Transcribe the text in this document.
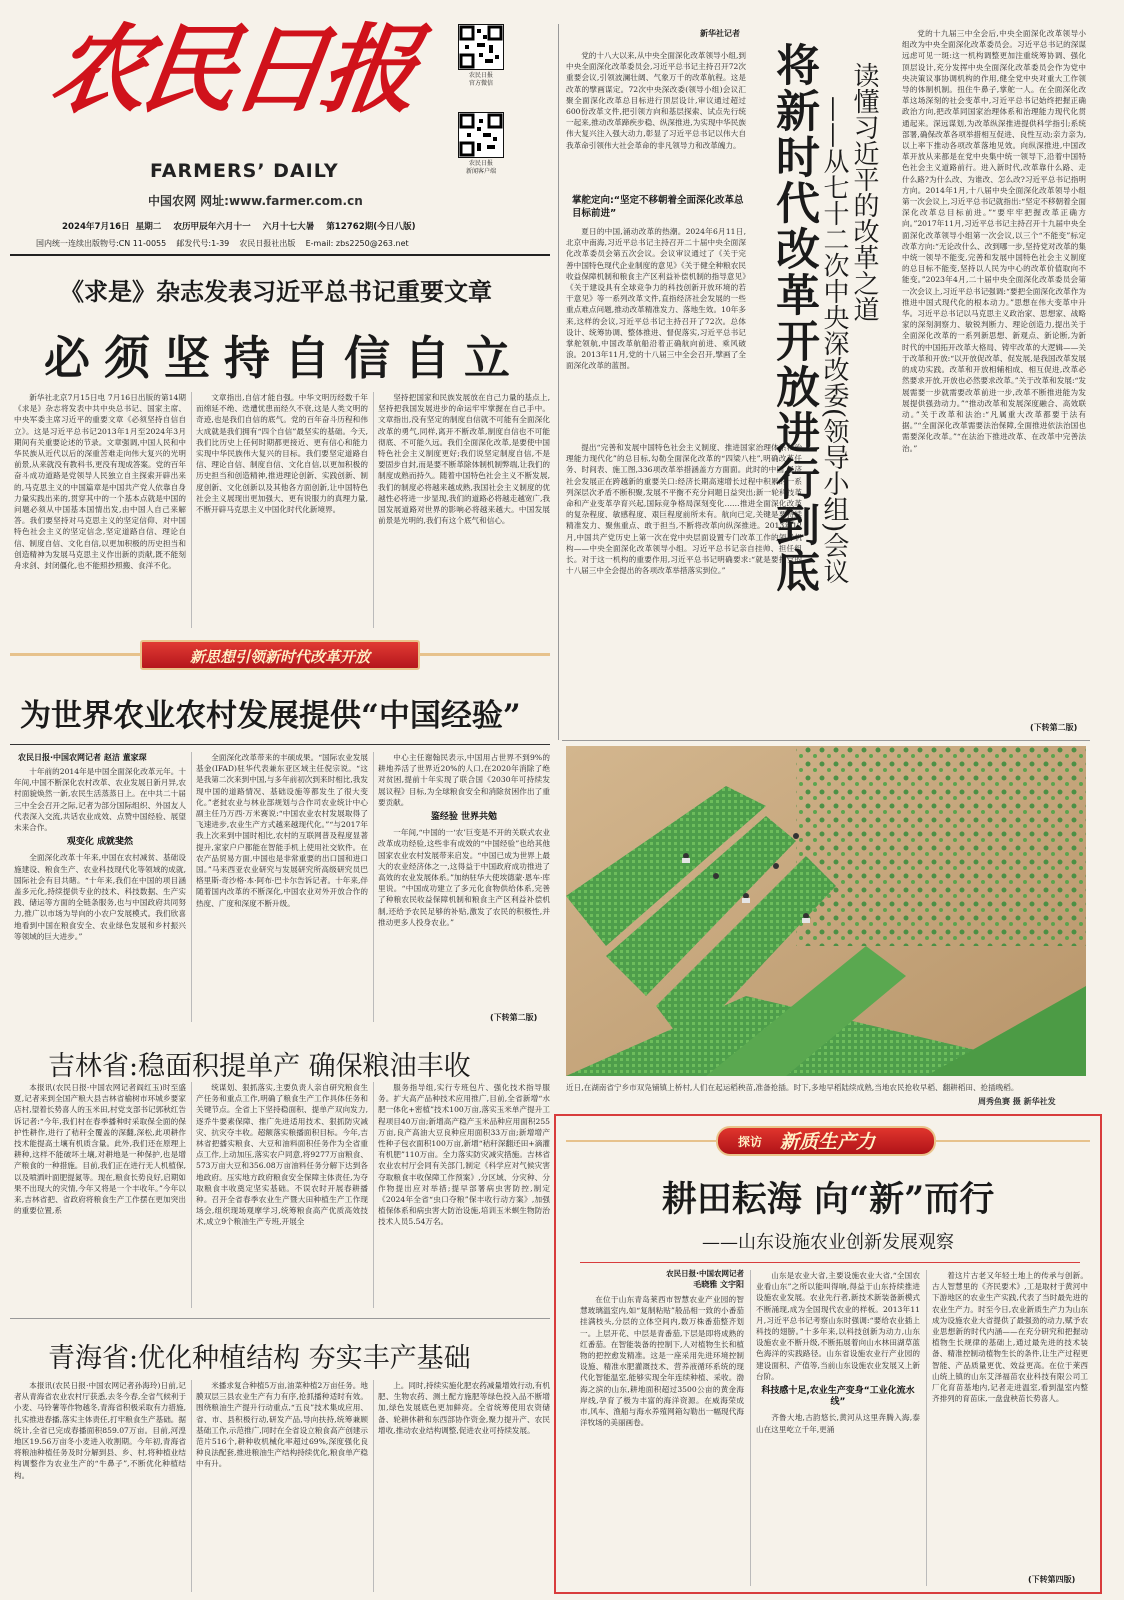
农民日报
FARMERS’ DAILY
中国农网 网址:www.farmer.com.cn
农民日报
官方微信
农民日报
新闻客户端
2024年7月16日  星期二    农历甲辰年六月十一    六月十七大暑    第12762期(今日八版)
国内统一连续出版物号:CN 11-0055    邮发代号:1-39    农民日报社出版    E-mail: zbs2250@263.net
《求是》杂志发表习近平总书记重要文章
必须坚持自信自立

新华社北京7月15日电 7月16日出版的第14期《求是》杂志将发表中共中央总书记、国家主席、中央军委主席习近平的重要文章《必须坚持自信自立》。这是习近平总书记2013年1月至2024年3月期间有关重要论述的节录。文章强调,中国人民和中华民族从近代以后的深重苦难走向伟大复兴的光明前景,从来就没有教科书,更没有现成答案。党的百年奋斗成功道路是党领导人民独立自主探索开辟出来的,马克思主义的中国篇章是中国共产党人依靠自身力量实践出来的,贯穿其中的一个基本点就是中国的问题必须从中国基本国情出发,由中国人自己来解答。我们要坚持对马克思主义的坚定信仰、对中国特色社会主义的坚定信念,坚定道路自信、理论自信、制度自信、文化自信,以更加积极的历史担当和创造精神为发展马克思主义作出新的贡献,既不能刻舟求剑、封闭僵化,也不能照抄照搬、食洋不化。

文章指出,自信才能自强。中华文明历经数千年而绵延不绝、迭遭忧患而经久不衰,这是人类文明的奇迹,也是我们自信的底气。党的百年奋斗历程和伟大成就是我们拥有“四个自信”最坚实的基础。今天,我们比历史上任何时期都更接近、更有信心和能力实现中华民族伟大复兴的目标。我们要坚定道路自信、理论自信、制度自信、文化自信,以更加积极的历史担当和创造精神,推进理论创新、实践创新、制度创新、文化创新以及其他各方面创新,让中国特色社会主义展现出更加强大、更有说服力的真理力量,不断开辟马克思主义中国化时代化新境界。

坚持把国家和民族发展放在自己力量的基点上,坚持把我国发展进步的命运牢牢掌握在自己手中。文章指出,没有坚定的制度自信就不可能有全面深化改革的勇气,同样,离开不断改革,制度自信也不可能彻底、不可能久远。我们全面深化改革,是要使中国特色社会主义制度更好;我们说坚定制度自信,不是要固步自封,而是要不断革除体制机制弊端,让我们的制度成熟而持久。随着中国特色社会主义不断发展,我们的制度必将越来越成熟,我国社会主义制度的优越性必将进一步显现,我们的道路必将越走越宽广,我国发展道路对世界的影响必将越来越大。中国发展前景是光明的,我们有这个底气和信心。

新思想引领新时代改革开放
为世界农业农村发展提供“中国经验”
农民日报·中国农网记者 赵洁 董家琛

十年前的2014年是中国全面深化改革元年。十年间,中国不断深化农村改革、农业发展日新月异,农村面貌焕然一新,农民生活蒸蒸日上。在中共二十届三中全会召开之际,记者为部分国际组织、外国友人代表深入交流,共话农业成效、点赞中国经验、展望未来合作。

观变化 成就斐然

全面深化改革十年来,中国在农村减贫、基础设施建设、粮食生产、农业科技现代化等领域的成就,国际社会有目共睹。“十年来,我们在中国的项目涵盖多元化,持续提供专业的技术、科技数据、生产实践、储运等方面的全链条服务,也与中国政府共同努力,推广以市场为导向的小农户发展模式。我们欣喜地看到中国在粮食安全、农业绿色发展和乡村振兴等领域的巨大进步。”

全面深化改革带来的丰硕成果。“国际农业发展基金(IFAD)驻华代表兼东亚区域主任倪宗说。“这是我第二次来到中国,与多年前初次到来时相比,我发现中国的道路情况、基础设施等都发生了很大变化。”老挝农业与林业部规划与合作司农业统计中心副主任乃万西·万米赛说:“中国农业农村发展取得了飞速进步,农业生产方式越来越现代化。”“与2017年我上次来到中国时相比,农村的互联网普及程度显著提升,家家户户都能在智能手机上使用社交软件。在农产品贸易方面,中国也是非常重要的出口国和进口国。”马来西亚农业研究与发展研究所高级研究员巴格里斯·奇沙格·本·阿布·巴卡尔告诉记者。十年来,伴随着国内改革的不断深化,中国农业对外开放合作的热度、广度和深度不断升级。

中心主任谢翰民表示,中国用占世界不到9%的耕地养活了世界近20%的人口,在2020年消除了绝对贫困,提前十年实现了联合国《2030年可持续发展议程》目标,为全球粮食安全和消除贫困作出了重要贡献。

鉴经验 世界共勉

一年间,“中国的一‘农’巨变是不开的关联式农业改革成功经验,这些非有成效的“中国经验”也给其他国家农业农村发展带来启发。“中国已成为世界上最大的农业经济体之一,这得益于中国政府成功推进了高效的农业发展体系。”加纳驻华大使埃德蒙·恩车·库里说。“中国成功建立了多元化食物供给体系,完善了种粮农民收益保障机制和粮食主产区利益补偿机制,还给予农民足够的补贴,激发了农民的积极性,并推动更多人投身农业。”

(下转第二版)
吉林省:稳面积提单产 确保粮油丰收

本报讯(农民日报·中国农网记者阎红玉)时至盛夏,记者来到全国产粮大县吉林省榆树市环城乡要家店村,望着长势喜人的玉米田,村党支部书记郭秋红告诉记者:“今年,我们村在春季播种时采取保全面的保护性耕作,进行了秸秆全覆盖的深翻,深松,此项耕作技术能提高土壤有机质含量。此外,我们还在原理上耕种,这样不能破坏土壤,对耕地是一种保护,也是增产粮食的一种措施。目前,我们正在进行无人机植保,以及喷洒叶面肥提氮等。现在,粮食长势良好,启期如果不出现大的灾情,今年又将是一个丰收年。”今年以来,吉林省把、省政府将粮食生产工作摆在更加突出的重要位置,系

统谋划、狠抓落实,主要负责人亲自研究粮食生产任务和重点工作,明确了粮食生产工作具体任务和关键节点。全省上下坚持稳面积、提单产双向发力,逐乔牛要素保障、推广先进适用技术、狠抓防灾减灾、抗灾夺丰收。超额落实粮播面积目标。今年,吉林省把播实粮食、大豆和油料面积任务作为全省重点工作,上动加压,落实农户同意,将9277万亩粮食、573万亩大豆和356.08万亩油料任务分解下达到各地政府。压实地方政府粮食安全保障主体责任,为夺取粮食丰收奠定坚实基础。不误农时开展春耕播种。召开全省春季农业生产暨大田种植生产工作现场会,组织现场观摩学习,统筹粮食高产优质高效技术,成立9个粮油生产专班,开展全

服务指导组,实行专班包片、强化技术指导服务。扩大高产品种技术应用推广,目前,全省新增“水肥一体化+密植”技术100万亩,落实玉米单产提升工程项目40万亩;新增高产稳产玉米品种应用面积255万亩,良产高油大豆良种应用面积33万亩;新增增产性种子包衣面积100万亩,新增“秸秆深翻还田+滴灌有机肥”110万亩。全力落实防灾减灾措施。吉林省农业农村厅会同有关部门,制定《科学应对气候灾害夺取粮食丰收保障工作预案》,分区域、分灾种、分作物提出应对举措;提早部署病虫害防控,制定《2024年全省“虫口夺粮”保丰收行动方案》,加强植保体系和病虫害大防治设施,培训玉米螟生物防治技术人员5.54万名。

青海省:优化种植结构 夯实丰产基础

本报讯(农民日报·中国农网记者孙海玲)日前,记者从青海省农业农村厅获悉,去冬今春,全省气候利于小麦、马铃薯等作物越冬,青海省积极采取有力措施,扎实推进春播,落实主体责任,打牢粮食生产基础。据统计,全省已完成春播面积859.07万亩。目前,河湟地区19.56万亩冬小麦进入收割期。今年初,青海省将粮油种植任务及时分解到县、乡、村,将种植业结构调整作为农业生产的“牛鼻子”,不断优化种植结构。

米播求复合种植5万亩,油菜种植2万亩任务。地膜双层三县农业生产有力有序,抢抓播种适时有效。围绕粮油生产提升行动重点,“五良”技术集成应用、省、市、县积极行动,研发产品,导向扶持,统筹兼顾基础工作,示范推广,同时在全省设立粮食高产创建示范片516个,耕种收机械化率超过69%,深度强化良种良法配套,推进粮油生产结构持续优化,粮食单产稳中有升。

上。同时,持续实施化肥农药减量增效行动,有机肥、生物农药、测土配方施肥等绿色投入品不断增加,绿色发展底色更加鲜亮。全省统筹使用农资储备、轮耕休耕和东西部协作资金,聚力提升产、农民增收,推动农业结构调整,促进农业可持续发展。

新华社记者

党的十八大以来,从中央全面深化改革领导小组,到中央全面深化改革委员会,习近平总书记主持召开72次重要会议,引领波澜壮阔、气象万千的改革航程。这是改革的擘画谋定。72次中央深改委(领导小组)会议汇聚全面深化改革总目标进行顶层设计,审议通过超过600份改革文件,把引领方向和基层探索、试点先行统一起来,推动改革蹄疾步稳、纵深推进,为实现中华民族伟大复兴注入强大动力,彰显了习近平总书记以伟大自我革命引领伟大社会革命的非凡领导力和改革魄力。

掌舵定向:“坚定不移朝着全面深化改革总目标前进”

夏日的中国,涌动改革的热潮。2024年6月11日,北京中南海,习近平总书记主持召开二十届中央全面深化改革委员会第五次会议。会议审议通过了《关于完善中国特色现代企业制度的意见》《关于健全种粮农民收益保障机制和粮食主产区利益补偿机制的指导意见》《关于建设具有全球竞争力的科技创新开放环境的若干意见》等一系列改革文件,直指经济社会发展的一些重点难点问题,推动改革精准发力、落地生效。10年多来,这样的会议,习近平总书记主持召开了72次。总体设计、统筹协调、整体推进、督促落实,习近平总书记掌舵领航,中国改革航船沿着正确航向前进、乘风破浪。2013年11月,党的十八届三中全会召开,擘画了全面深化改革的蓝图。

提出“完善和发展中国特色社会主义制度、推进国家治理体系和治理能力现代化”的总目标,勾勒全面深化改革的“四梁八柱”,明确改革任务、时间表、施工图,336项改革举措涵盖方方面面。此时的中国,经济社会发展正在跨越新的重要关口:经济长期高速增长过程中积累的一系列深层次矛盾不断积聚,发展不平衡不充分问题日益突出;新一轮科技革命和产业变革孕育兴起,国际竞争格局深刻变化……推进全面深化改革的复杂程度、敏感程度、艰巨程度前所未有。航向已定,关键是要持续精准发力、聚焦重点、敢于担当,不断将改革向纵深推进。2013年12月,中国共产党历史上第一次在党中央层面设置专门改革工作的领导机构——中央全面深化改革领导小组。习近平总书记亲自挂帅、担任组长。对于这一机构的重要作用,习近平总书记明确要求:“就是要把党的十八届三中全会提出的各项改革举措落实到位。” 将新时代改革开放进行到底 读懂习近平的改革之道
——从七十二次中央深改委(领导小组)会议

党的十九届三中全会后,中央全面深化改革领导小组改为中央全面深化改革委员会。习近平总书记的深谋远虑可见一斑:这一机构调整更加注重统筹协调、强化顶层设计,充分发挥中央全面深化改革委员会作为党中央决策议事协调机构的作用,健全党中央对重大工作领导的体制机制。扭住牛鼻子,掌舵一人。在全面深化改革这场深刻的社会变革中,习近平总书记始终把握正确政治方向,把改革同国家治理体系和治理能力现代化贯通起来。深远谋划,为改革纵深推进提供科学指引;系统部署,确保改革各项举措相互促进、良性互动;亲力亲为,以上率下推动各项改革落地见效。向纵深推进,中国改革开放从来都是在党中央集中统一领导下,沿着中国特色社会主义道路前行。进入新时代,改革靠什么路、走什么路?为什么改、为谁改、怎么改?习近平总书记指明方向。2014年1月,十八届中央全面深化改革领导小组第一次会议上,习近平总书记就指出:“坚定不移朝着全面深化改革总目标前进。”“要牢牢把握改革正确方向。”2017年11月,习近平总书记主持召开十九届中央全面深化改革领导小组第一次会议,以三个“不能变”标定改革方向:“无论改什么、改到哪一步,坚持党对改革的集中统一领导不能变,完善和发展中国特色社会主义制度的总目标不能变,坚持以人民为中心的改革价值取向不能变。”2023年4月,二十届中央全面深化改革委员会第一次会议上,习近平总书记强调:“要把全面深化改革作为推进中国式现代化的根本动力。”思想在伟大变革中升华。习近平总书记以马克思主义政治家、思想家、战略家的深刻洞察力、敏锐判断力、理论创造力,提出关于全面深化改革的一系列新思想、新观点、新论断,为新时代的中国拓开改革大格局、铸牢改革的大逻辑——关于改革和开放:“以开放促改革、促发展,是我国改革发展的成功实践。改革和开放相辅相成、相互促进,改革必然要求开放,开放也必然要求改革。”关于改革和发展:“发展需要一步就需要改革前进一步,改革不断推进能为发展提供强劲动力。”“推动改革和发展深度融合、高效联动。”关于改革和法治:“凡属重大改革都要于法有据。”“全面深化改革需要法治保障,全面推进依法治国也需要深化改革。”“在法治下推进改革、在改革中完善法治。”

(下转第二版)
近日,在湖南省宁乡市双凫铺镇上桥村,人们在起运稻秧苗,准备抢插。时下,多地早稻陆续成熟,当地农民抢收早稻、翻耕稻田、抢插晚稻。
周秀鱼赛 摄 新华社发
探访 新质生产力
耕田耘海 向“新”而行
——山东设施农业创新发展观察
农民日报·中国农网记者
毛晓雅 文宇阳

在位于山东青岛莱西市智慧农业产业园的智慧玻璃温室内,如“复制粘贴”般品相一致的小番茄挂满枝头,分层的立体空间内,数万株番茄整齐划一。上层开花、中层是青番茄,下层是即将成熟的红番茄。在智能装备的控制下,人对植物生长和植物的把控愈发精准。这是一座采用先进环境控制设施、精准水肥灌溉技术、营养液循环系统的现代化智能温室,能够实现全年连续种植、采收。渤海之滨的山东,耕地面积超过3500公亩的黄金海岸线,孕育了极为丰富的海洋资源。在威海荣成市,风车、渔船与海水养殖网箱勾勒出一幅现代海洋牧场的美丽画卷。

山东是农业大省,主要设施农业大省,“全国农业看山东”之所以能叫得响,得益于山东持续推进设施农业发展。农业先行者,新技术新装备新模式不断涌现,成为全国现代农业的样板。2013年11月,习近平总书记考察山东时强调:“要给农业插上科技的翅膀。”十多年来,以科技创新为动力,山东设施农业不断升级,不断拓展着向山水林田湖草蓝色海洋的实践路径。山东省设施农业行产业园的建设面积、产值等,当前山东设施农业发展又上新台阶。

科技感十足,农业生产变身“工业化流水线”

齐鲁大地,古韵悠长,黄河从这里奔腾入海,泰山在这里屹立千年,更涌

着这片古老又年轻土地上的传承与创新。古人智慧里的《齐民要术》,工是取材于黄河中下游地区的农业生产实践,代表了当时最先进的农业生产力。时至今日,农业新质生产力为山东成为设施农业大省提供了最强劲的动力,赋予农业思想新的时代内涵——在充分研究和把握动植物生长规律的基础上,通过最先进的技术装备、精准控制动植物生长的条件,让生产过程更智能、产品质量更优、效益更高。在位于莱西山统上镇的山东艾泽福苗农业科技有限公司工厂化育苗基地内,记者走进温室,看到温室内整齐排列的育苗床,一盘盘秧苗长势喜人。

(下转第四版)
